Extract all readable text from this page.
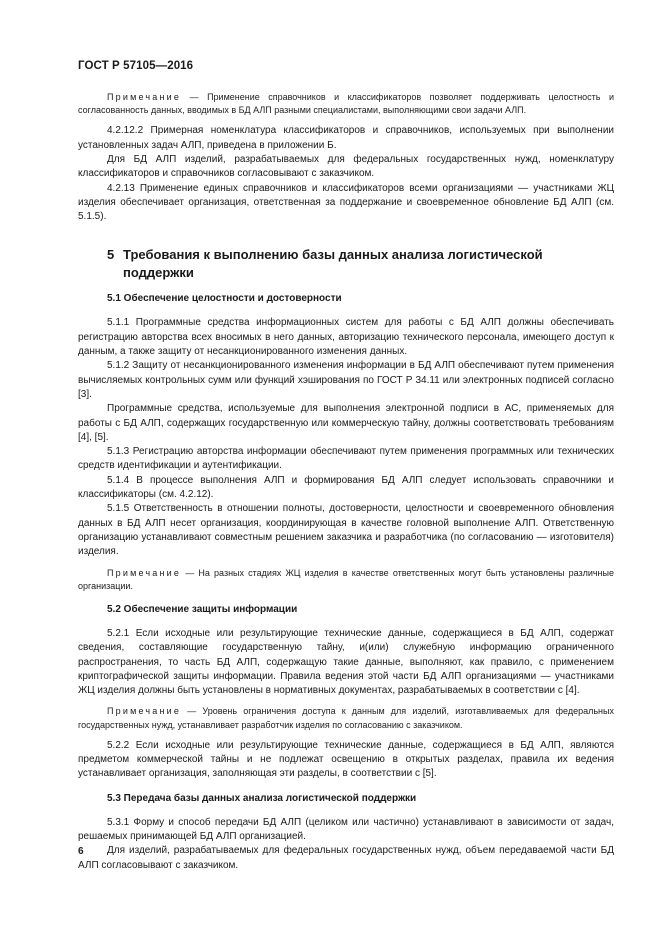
ГОСТ Р 57105—2016

Примечание — Применение справочников и классификаторов позволяет поддерживать целостность и согласованность данных, вводимых в БД АЛП разными специалистами, выполняющими свои задачи АЛП.

4.2.12.2 Примерная номенклатура классификаторов и справочников, используемых при выполнении установленных задач АЛП, приведена в приложении Б.

Для БД АЛП изделий, разрабатываемых для федеральных государственных нужд, номенклатуру классификаторов и справочников согласовывают с заказчиком.

4.2.13 Применение единых справочников и классификаторов всеми организациями — участниками ЖЦ изделия обеспечивает организация, ответственная за поддержание и своевременное обновление БД АЛП (см. 5.1.5).

5 Требования к выполнению базы данных анализа логистической
поддержки

5.1 Обеспечение целостности и достоверности

5.1.1 Программные средства информационных систем для работы с БД АЛП должны обеспечивать регистрацию авторства всех вносимых в него данных, авторизацию технического персонала, имеющего доступ к данным, а также защиту от несанкционированного изменения данных.

5.1.2 Защиту от несанкционированного изменения информации в БД АЛП обеспечивают путем применения вычисляемых контрольных сумм или функций хэширования по ГОСТ Р 34.11 или электронных подписей согласно [3].

Программные средства, используемые для выполнения электронной подписи в АС, применяемых для работы с БД АЛП, содержащих государственную или коммерческую тайну, должны соответствовать требованиям [4], [5].

5.1.3 Регистрацию авторства информации обеспечивают путем применения программных или технических средств идентификации и аутентификации.

5.1.4 В процессе выполнения АЛП и формирования БД АЛП следует использовать справочники и классификаторы (см. 4.2.12).

5.1.5 Ответственность в отношении полноты, достоверности, целостности и своевременного обновления данных в БД АЛП несет организация, координирующая в качестве головной выполнение АЛП. Ответственную организацию устанавливают совместным решением заказчика и разработчика (по согласованию — изготовителя) изделия.

Примечание — На разных стадиях ЖЦ изделия в качестве ответственных могут быть установлены различные организации.

5.2 Обеспечение защиты информации

5.2.1 Если исходные или результирующие технические данные, содержащиеся в БД АЛП, содержат сведения, составляющие государственную тайну, и(или) служебную информацию ограниченного распространения, то часть БД АЛП, содержащую такие данные, выполняют, как правило, с применением криптографической защиты информации. Правила ведения этой части БД АЛП организациями — участниками ЖЦ изделия должны быть установлены в нормативных документах, разрабатываемых в соответствии с [4].

Примечание — Уровень ограничения доступа к данным для изделий, изготавливаемых для федеральных государственных нужд, устанавливает разработчик изделия по согласованию с заказчиком.

5.2.2 Если исходные или результирующие технические данные, содержащиеся в БД АЛП, являются предметом коммерческой тайны и не подлежат освещению в открытых разделах, правила их ведения устанавливает организация, заполняющая эти разделы, в соответствии с [5].

5.3 Передача базы данных анализа логистической поддержки

5.3.1 Форму и способ передачи БД АЛП (целиком или частично) устанавливают в зависимости от задач, решаемых принимающей БД АЛП организацией.

Для изделий, разрабатываемых для федеральных государственных нужд, объем передаваемой части БД АЛП согласовывают с заказчиком.

6
